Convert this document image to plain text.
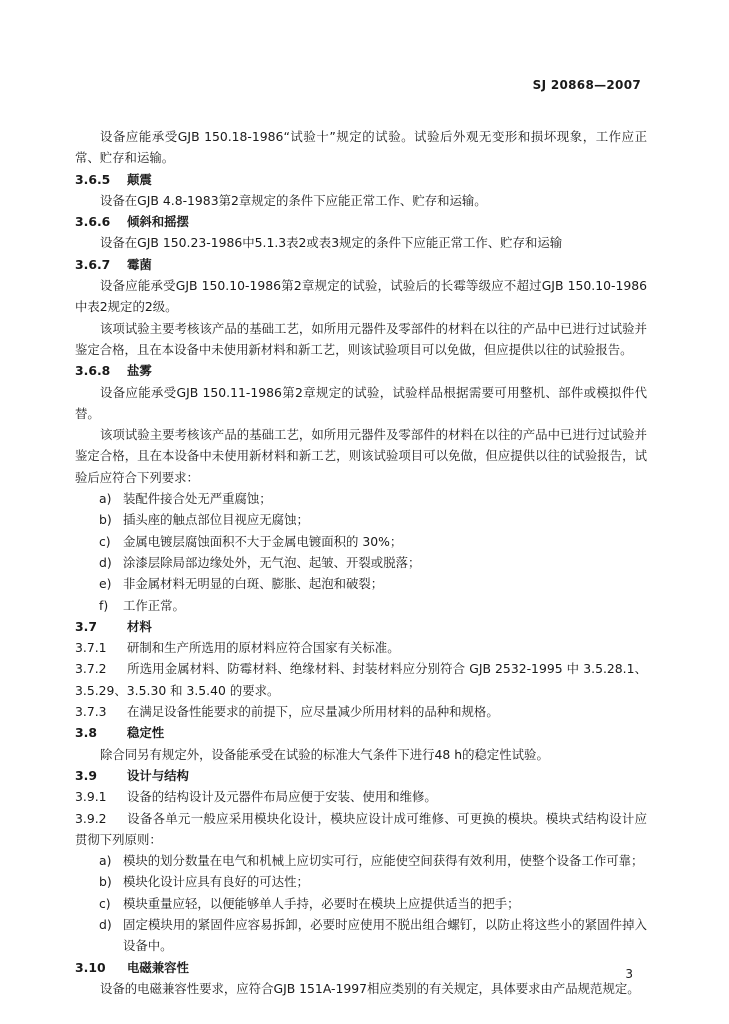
SJ 20868—2007

设备应能承受GJB 150.18-1986“试验十”规定的试验。试验后外观无变形和损坏现象，工作应正常、贮存和运输。

3.6.5 颠震

设备在GJB 4.8-1983第2章规定的条件下应能正常工作、贮存和运输。

3.6.6 倾斜和摇摆

设备在GJB 150.23-1986中5.1.3表2或表3规定的条件下应能正常工作、贮存和运输

3.6.7 霉菌

设备应能承受GJB 150.10-1986第2章规定的试验，试验后的长霉等级应不超过GJB 150.10-1986中表2规定的2级。

该项试验主要考核该产品的基础工艺，如所用元器件及零部件的材料在以往的产品中已进行过试验并鉴定合格，且在本设备中未使用新材料和新工艺，则该试验项目可以免做，但应提供以往的试验报告。

3.6.8 盐雾

设备应能承受GJB 150.11-1986第2章规定的试验，试验样品根据需要可用整机、部件或模拟件代替。

该项试验主要考核该产品的基础工艺，如所用元器件及零部件的材料在以往的产品中已进行过试验并鉴定合格，且在本设备中未使用新材料和新工艺，则该试验项目可以免做，但应提供以往的试验报告，试验后应符合下列要求：

a) 装配件接合处无严重腐蚀；
b) 插头座的触点部位目视应无腐蚀；
c) 金属电镀层腐蚀面积不大于金属电镀面积的 30%；
d) 涂漆层除局部边缘处外，无气泡、起皱、开裂或脱落；
e) 非金属材料无明显的白斑、膨胀、起泡和破裂；
f) 工作正常。
3.7 材料

3.7.1 研制和生产所选用的原材料应符合国家有关标准。

3.7.2 所选用金属材料、防霉材料、绝缘材料、封装材料应分别符合 GJB 2532-1995 中 3.5.28.1、3.5.29、3.5.30 和 3.5.40 的要求。

3.7.3 在满足设备性能要求的前提下，应尽量减少所用材料的品种和规格。

3.8 稳定性

除合同另有规定外，设备能承受在试验的标准大气条件下进行48 h的稳定性试验。

3.9 设计与结构

3.9.1 设备的结构设计及元器件布局应便于安装、使用和维修。

3.9.2 设备各单元一般应采用模块化设计，模块应设计成可维修、可更换的模块。模块式结构设计应贯彻下列原则：

a) 模块的划分数量在电气和机械上应切实可行，应能使空间获得有效利用，使整个设备工作可靠；
b) 模块化设计应具有良好的可达性；
c) 模块重量应轻，以便能够单人手持，必要时在模块上应提供适当的把手；
d) 固定模块用的紧固件应容易拆卸，必要时应使用不脱出组合螺钉，以防止将这些小的紧固件掉入设备中。
3.10 电磁兼容性

设备的电磁兼容性要求，应符合GJB 151A-1997相应类别的有关规定，具体要求由产品规范规定。

3
